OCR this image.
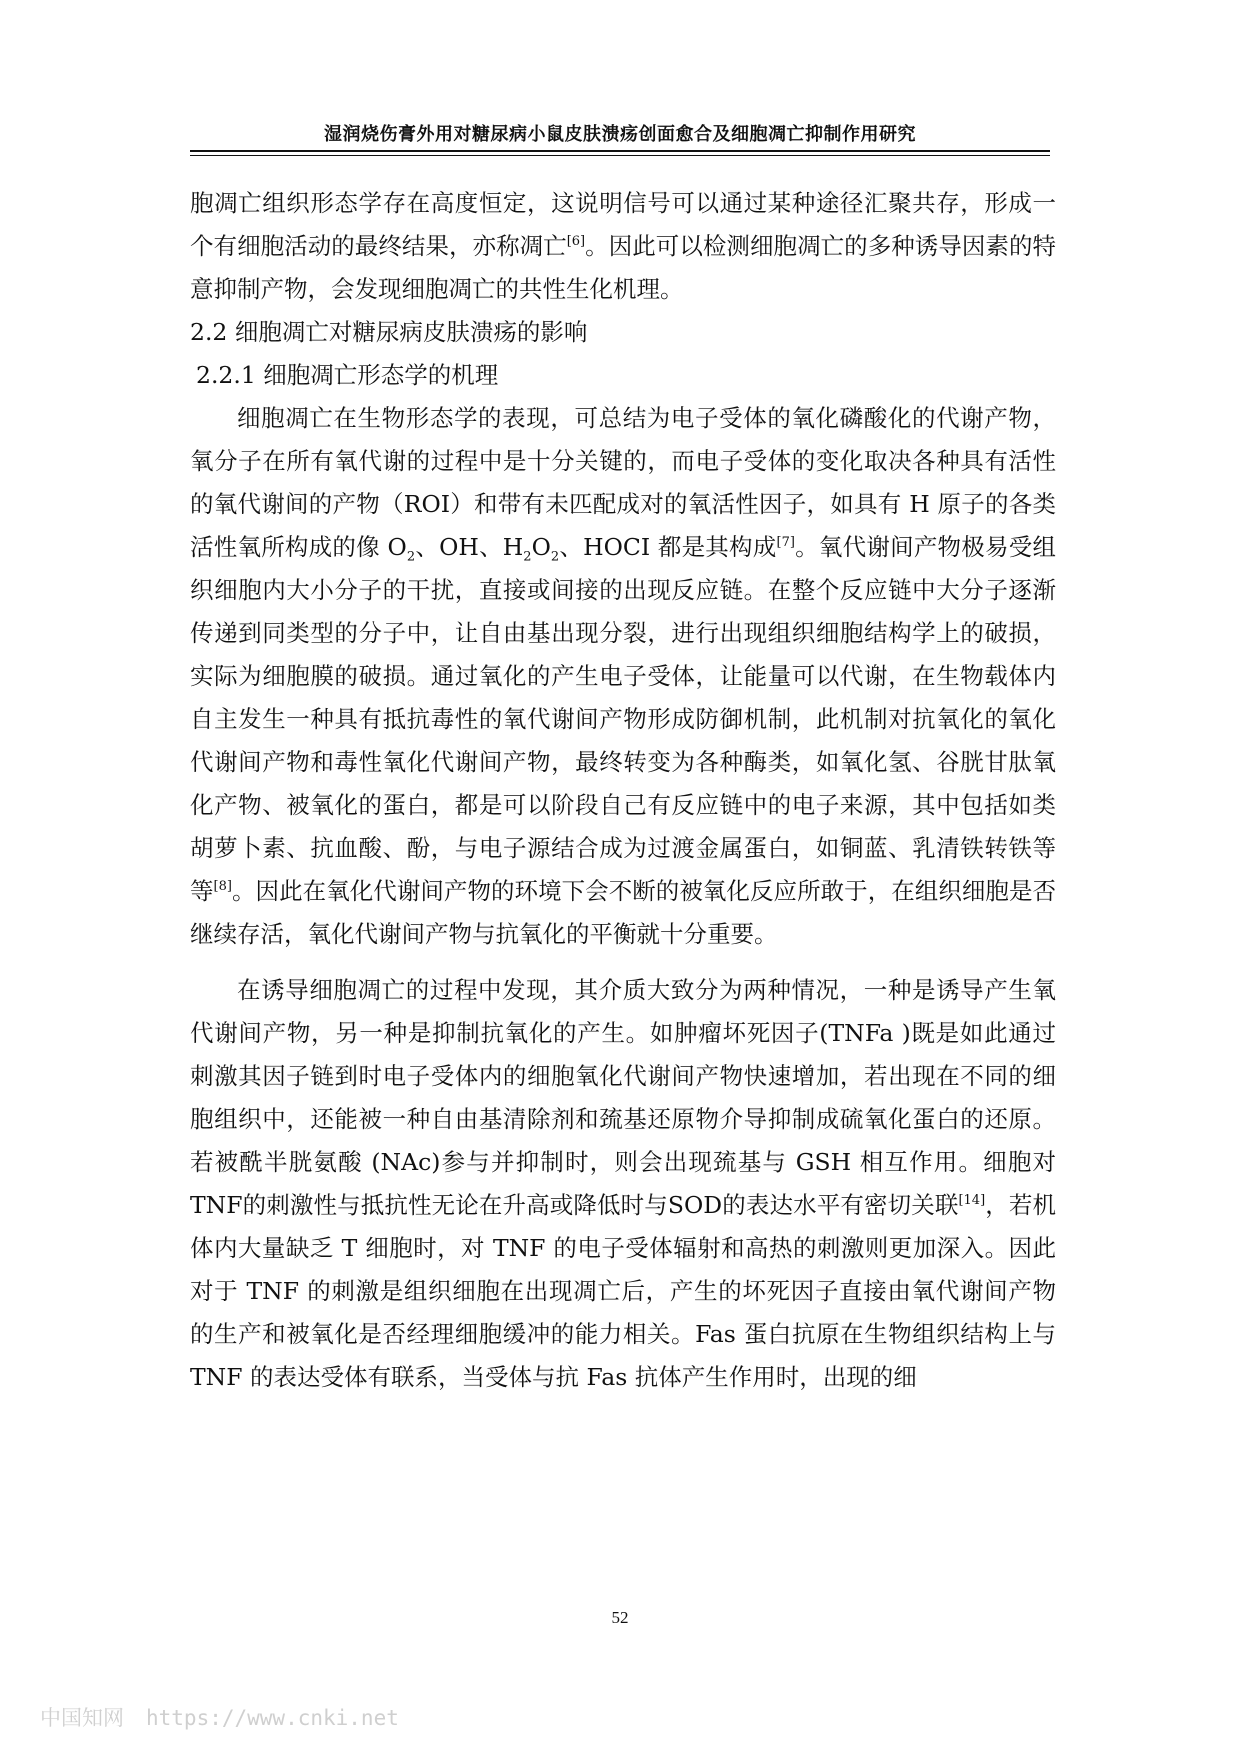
湿润烧伤膏外用对糖尿病小鼠皮肤溃疡创面愈合及细胞凋亡抑制作用研究

胞凋亡组织形态学存在高度恒定，这说明信号可以通过某种途径汇聚共存，形成一个有细胞活动的最终结果，亦称凋亡[6]。因此可以检测细胞凋亡的多种诱导因素的特意抑制产物，会发现细胞凋亡的共性生化机理。

2.2 细胞凋亡对糖尿病皮肤溃疡的影响
2.2.1 细胞凋亡形态学的机理

细胞凋亡在生物形态学的表现，可总结为电子受体的氧化磷酸化的代谢产物，氧分子在所有氧代谢的过程中是十分关键的，而电子受体的变化取决各种具有活性的氧代谢间的产物（ROI）和带有未匹配成对的氧活性因子，如具有 H 原子的各类活性氧所构成的像 $O_2$、OH、$H_2O_2$、HOCI 都是其构成[7]。氧代谢间产物极易受组织细胞内大小分子的干扰，直接或间接的出现反应链。在整个反应链中大分子逐渐传递到同类型的分子中，让自由基出现分裂，进行出现组织细胞结构学上的破损，实际为细胞膜的破损。通过氧化的产生电子受体，让能量可以代谢，在生物载体内自主发生一种具有抵抗毒性的氧代谢间产物形成防御机制，此机制对抗氧化的氧化代谢间产物和毒性氧化代谢间产物，最终转变为各种酶类，如氧化氢、谷胱甘肽氧化产物、被氧化的蛋白，都是可以阶段自己有反应链中的电子来源，其中包括如类胡萝卜素、抗血酸、酚，与电子源结合成为过渡金属蛋白，如铜蓝、乳清铁转铁等等[8]。因此在氧化代谢间产物的环境下会不断的被氧化反应所敢于，在组织细胞是否继续存活，氧化代谢间产物与抗氧化的平衡就十分重要。

在诱导细胞凋亡的过程中发现，其介质大致分为两种情况，一种是诱导产生氧代谢间产物，另一种是抑制抗氧化的产生。如肿瘤坏死因子(TNFa )既是如此通过刺激其因子链到时电子受体内的细胞氧化代谢间产物快速增加，若出现在不同的细胞组织中，还能被一种自由基清除剂和巯基还原物介导抑制成硫氧化蛋白的还原。若被酰半胱氨酸 (NAc)参与并抑制时，则会出现巯基与 GSH 相互作用。细胞对TNF的刺激性与抵抗性无论在升高或降低时与SOD的表达水平有密切关联[14]，若机体内大量缺乏 T 细胞时，对 TNF 的电子受体辐射和高热的刺激则更加深入。因此对于 TNF 的刺激是组织细胞在出现凋亡后，产生的坏死因子直接由氧代谢间产物的生产和被氧化是否经理细胞缓冲的能力相关。Fas 蛋白抗原在生物组织结构上与 TNF 的表达受体有联系，当受体与抗 Fas 抗体产生作用时，出现的细

52
中国知网 https://www.cnki.net
